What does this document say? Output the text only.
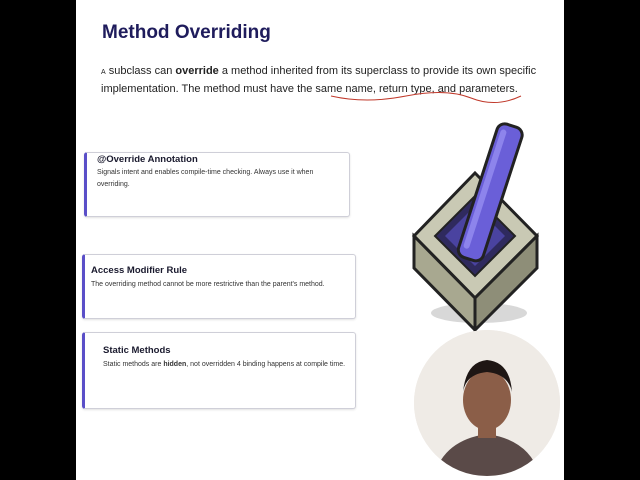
Method Overriding
A subclass can override a method inherited from its superclass to provide its own specific implementation. The method must have the same name, return type, and parameters.
@Override Annotation

Signals intent and enables compile-time checking. Always use it when overriding.

Access Modifier Rule

The overriding method cannot be more restrictive than the parent's method.

Static Methods

Static methods are hidden, not overridden 4 binding happens at compile time.
